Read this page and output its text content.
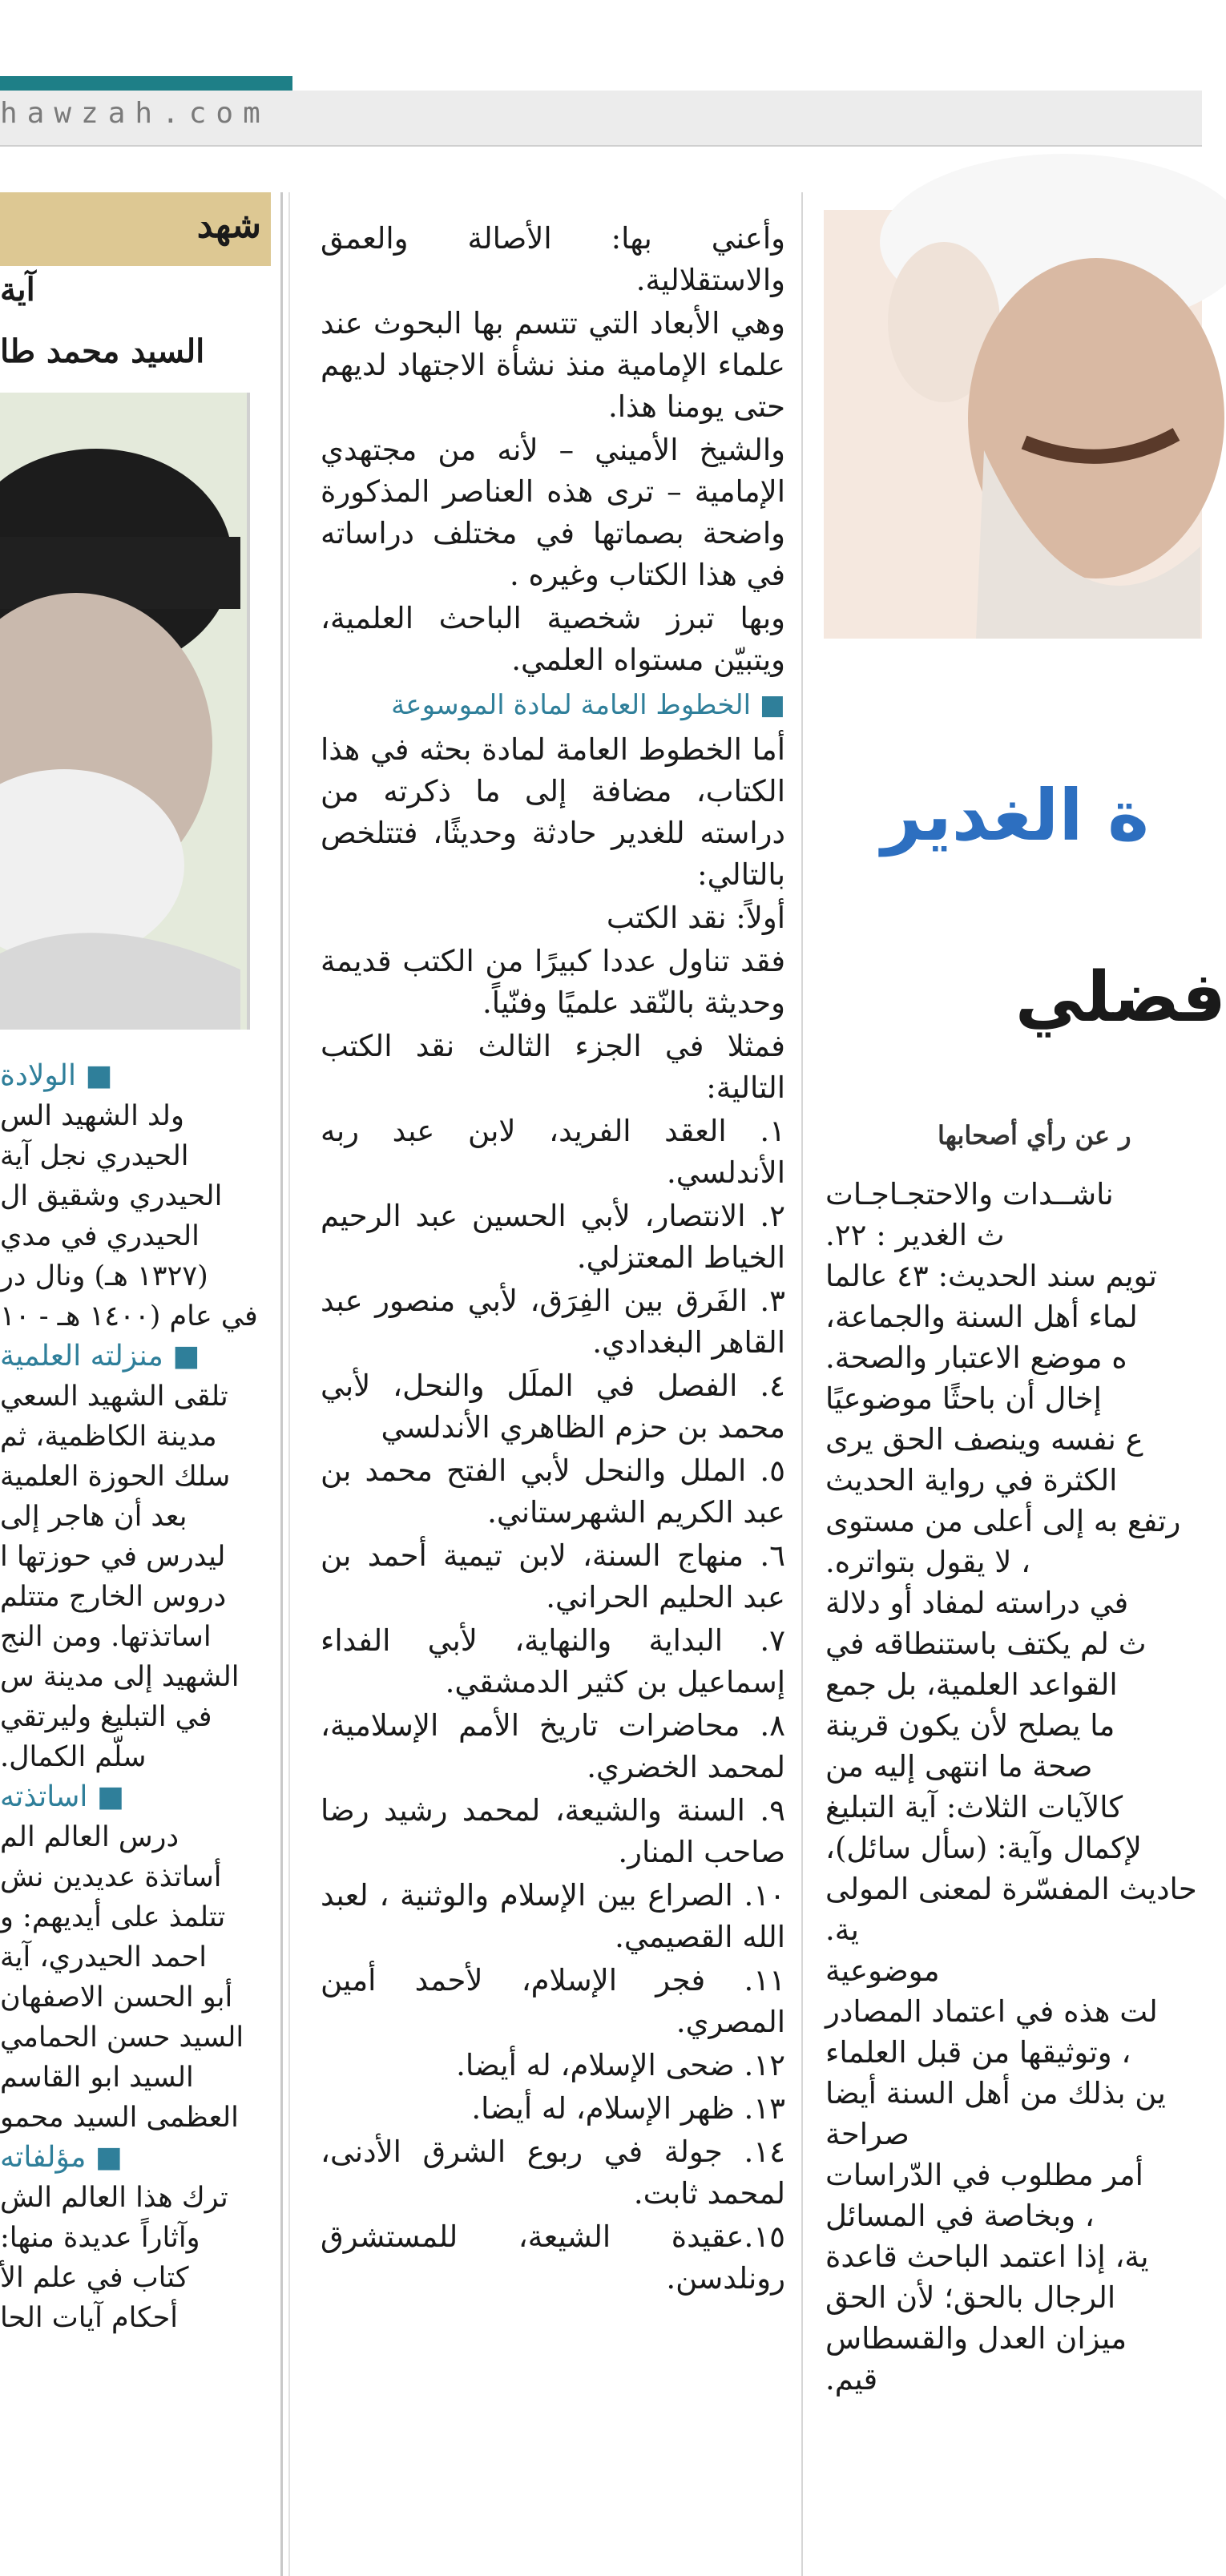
hawzah.com
شهد
آية
السيد محمد طا
■ الولادة

ولد الشهيد الس

الحيدري نجل آية

الحيدري وشقيق ال

الحيدري في مدي

(١٣٢٧ هـ) ونال در

في عام (١٤٠٠ هـ - ١٠

■ منزلته العلمية

تلقى الشهيد السعي

مدينة الكاظمية، ثم

سلك الحوزة العلمية

بعد أن هاجر إلى

ليدرس في حوزتها ا

دروس الخارج متتلم

اساتذتها. ومن النج

الشهيد إلى مدينة س

في التبليغ وليرتقي

سلّم الكمال.

■ اساتذته

درس العالم الم

أساتذة عديدين نش

تتلمذ على أيديهم: و

احمد الحيدري، آية

أبو الحسن الاصفهان

السيد حسن الحمامي

السيد ابو القاسم

العظمى السيد محمو

■ مؤلفاته

ترك هذا العالم الش

وآثاراً عديدة منها:

كتاب في علم الأ

أحكام آيات الحا

وأعني بها: الأصالة والعمق والاستقلالية.

وهي الأبعاد التي تتسم بها البحوث عند علماء الإمامية منذ نشأة الاجتهاد لديهم حتى يومنا هذا.

والشيخ الأميني – لأنه من مجتهدي الإمامية – ترى هذه العناصر المذكورة واضحة بصماتها في مختلف دراساته في هذا الكتاب وغيره .

وبها تبرز شخصية الباحث العلمية، ويتبيّن مستواه العلمي.

■ الخطوط العامة لمادة الموسوعة

أما الخطوط العامة لمادة بحثه في هذا الكتاب، مضافة إلى ما ذكرته من دراسته للغدير حادثة وحديثًا، فتتلخص بالتالي:

أولاً: نقد الكتب

فقد تناول عددا كبيرًا من الكتب قديمة وحديثة بالنّقد علميًا وفنّياً.

فمثلا في الجزء الثالث نقد الكتب التالية:

١. العقد الفريد، لابن عبد ربه الأندلسي.

٢. الانتصار، لأبي الحسين عبد الرحيم الخياط المعتزلي.

٣. الفَرق بين الفِرَق، لأبي منصور عبد القاهر البغدادي.

٤. الفصل في الملَل والنحل، لأبي محمد بن حزم الظاهري الأندلسي

٥. الملل والنحل لأبي الفتح محمد بن عبد الكريم الشهرستاني.

٦. منهاج السنة، لابن تيمية أحمد بن عبد الحليم الحراني.

٧. البداية والنهاية، لأبي الفداء إسماعيل بن كثير الدمشقي.

٨. محاضرات تاريخ الأمم الإسلامية، لمحمد الخضري.

٩. السنة والشيعة، لمحمد رشيد رضا صاحب المنار.

١٠. الصراع بين الإسلام والوثنية ، لعبد الله القصيمي.

١١. فجر الإسلام، لأحمد أمين المصري.

١٢. ضحى الإسلام، له أيضا.

١٣. ظهر الإسلام، له أيضا.

١٤. جولة في ربوع الشرق الأدنى، لمحمد ثابت.

١٥.عقيدة الشيعة، للمستشرق رونلدسن.

ة الغدير
فضلي
ر عن رأي أصحابها

ناشــدات والاحتجـاجـات

ث الغدير : ٢٢.

تويم سند الحديث: ٤٣ عالما

لماء أهل السنة والجماعة،

ه موضع الاعتبار والصحة.

إخال أن باحثًا موضوعيًا

ع نفسه وينصف الحق يرى

الكثرة في رواية الحديث

رتفع به إلى أعلى من مستوى

، لا يقول بتواتره.

في دراسته لمفاد أو دلالة

ث لم يكتف باستنطاقه في

القواعد العلمية، بل جمع

ما يصلح لأن يكون قرينة

صحة ما انتهى إليه من

كالآيات الثلاث: آية التبليغ

لإكمال وآية: (سأل سائل)،

حاديث المفسّرة لمعنى المولى

ية.

موضوعية

لت هذه في اعتماد المصادر

، وتوثيقها من قبل العلماء

ين بذلك من أهل السنة أيضا

صراحة

أمر مطلوب في الدّراسات

، وبخاصة في المسائل

ية، إذا اعتمد الباحث قاعدة

الرجال بالحق؛ لأن الحق

ميزان العدل والقسطاس

قيم.
